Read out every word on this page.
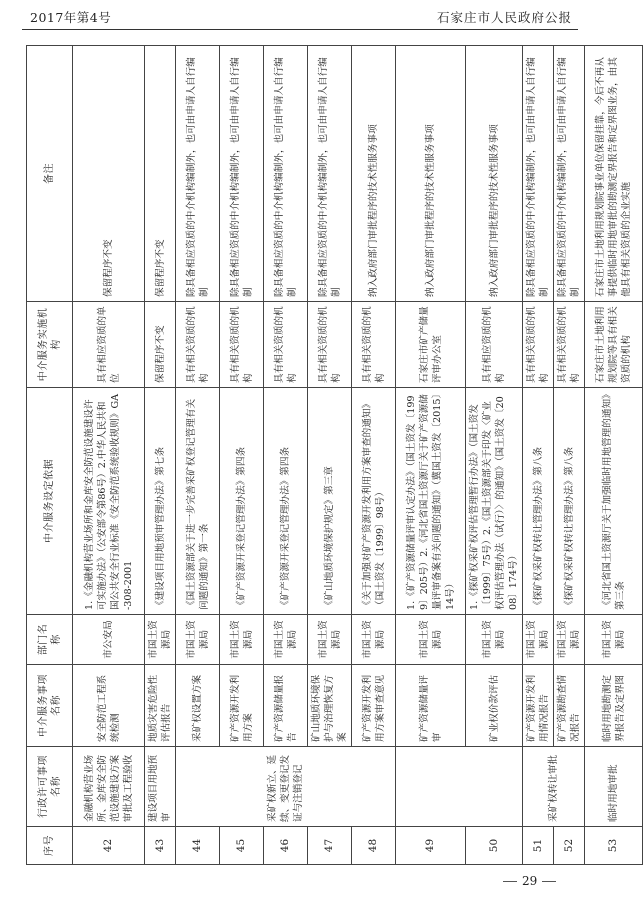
2017年第4号	石家庄市人民政府公报
序号	行政许可事项名称	中介服务事项名称	部门名称	中介服务设定依据	中介服务实施机构	备注
42	金融机构营业场所、金库安全防范设施建设方案审批及工程验收	安全防范工程系统检测	市公安局	1.《金融机构营业场所和金库安全防范设施建设许可实施办法》（公安部令第86号）2.中华人民共和国公共安全行业标准《安全防范系统验收规则》GA-308-2001	具有相应资质的单位	保留程序不变
43	建设项目用地预审	地质灾害危险性评估报告	市国土资源局	《建设项目用地预审管理办法》第七条	保留程序不变	保留程序不变
44	采矿权新立、延续、变更登记发证与注销登记	采矿权设置方案	市国土资源局	《国土资源部关于进一步完善采矿权登记管理有关问题的通知》第一条	具有相关资质的机构	除具备相应资质的中介机构编制外，也可由申请人自行编制
45		矿产资源开发利用方案	市国土资源局	《矿产资源开采登记管理办法》第四条	具有相关资质的机构	除具备相应资质的中介机构编制外，也可由申请人自行编制
46		矿产资源储量报告	市国土资源局	《矿产资源开采登记管理办法》第四条	具有相关资质的机构	除具备相应资质的中介机构编制外，也可由申请人自行编制
47		矿山地质环境保护与治理恢复方案	市国土资源局	《矿山地质环境保护规定》第三章	具有相关资质的机构	除具备相应资质的中介机构编制外，也可由申请人自行编制
48		矿产资源开发利用方案审查意见	市国土资源局	《关于加强对矿产资源开发利用方案审查的通知》（国土资发〔1999〕98号）	具有相关资质的机构	纳入政府部门审批程序的技术性服务事项
49		矿产资源储量评审	市国土资源局	1.《矿产资源储量评审认定办法》（国土资发〔1999〕205号）2.《河北省国土资源厅关于矿产资源储量评审备案有关问题的通知》（冀国土资发〔2015〕14号）	石家庄市矿产储量评审办公室	纳入政府部门审批程序的技术性服务事项
50		矿业权价款评估	市国土资源局	1.《探矿权采矿权评估管理暂行办法》（国土资发〔1999〕75号）2.《国土资源部关于印发〈矿业权评估管理办法（试行）〉的通知》（国土资发〔2008〕174号）	具有相应资质的机构	纳入政府部门审批程序的技术性服务事项
51	采矿权转让审批	矿产资源开发利用情况报告	市国土资源局	《探矿权采矿权转让管理办法》第八条	具有相关资质的机构	除具备相应资质的中介机构编制外，也可由申请人自行编制
52		矿产资源勘查情况报告	市国土资源局	《探矿权采矿权转让管理办法》第八条	具有相关资质的机构	除具备相应资质的中介机构编制外，也可由申请人自行编制
53	临时用地审批	临时用地勘测定界报告及定界图	市国土资源局	《河北省国土资源厅关于加强临时用地管理的通知》第三条	石家庄市土地利用规划院等具有相关资质的机构	石家庄市土地利用规划院事业单位保留挂靠，今后不再从事提供临时用地审批的勘测定界报告和定界图业务，由其他具有相关资质的企业实施
29
